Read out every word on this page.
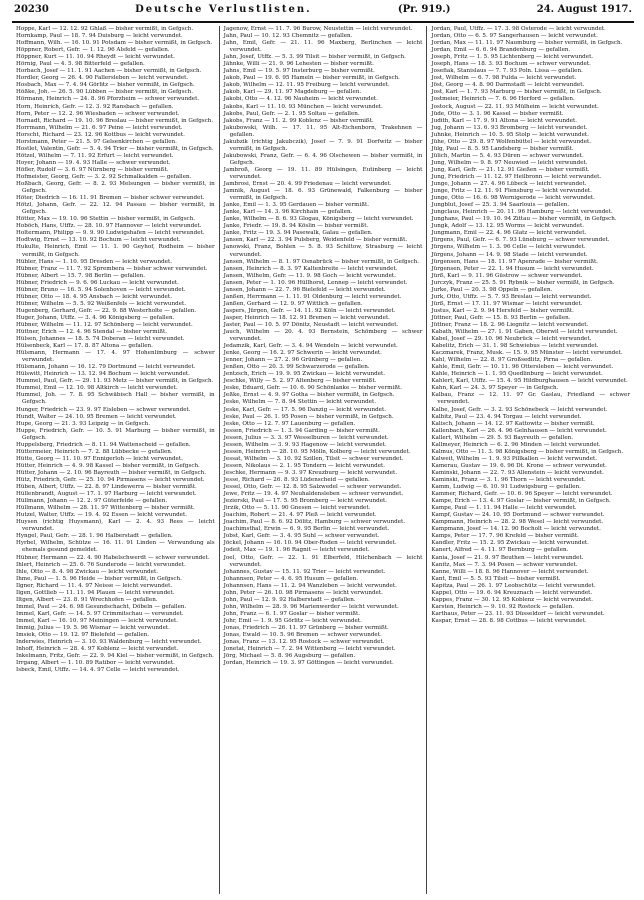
20230	Deutsche Verlustlisten.	(Pr. 919.)	24. August 1917.

Hoppe, Karl — 12. 12. 92 Ghlaß — bisher vermißt, in Gefgsch.

Hornkamp, Paul — 18. 7. 94 Duisburg — leicht verwundet.

Hoffmann, Wilh. — 16. 10. 91 Potsdam — bisher vermißt, in Gefgsch.

Höppner, Robert, Gefr. — 1. 12. 96 Alsfeld — gefallen.

Höppner, Kurt — 11. 10. 94 Rheydt — leicht verwundet.

Hörnig, Paul — 4. 5. 98 Bitterfeld — gefallen.

Horbach, Josef — 11. 1. 91 Aachen — bisher vermißt, in Gefgsch.

Hordler, Georg — 26. 4. 90 Fallersleben — leicht verwundet.

Hosbach, Max — 7. 4. 94 Görlitz — bisher vermißt, in Gefgsch.

Hößke, Joh. — 26. 5. 90 Lübben — bisher vermißt, in Gefgsch.

Hörmann, Heinrich — 24. 8. 96 Pforzheim — schwer verwundet.

Horn, Heinrich, Gefr. — 12. 3. 92 Ransbach — gefallen.

Horn, Peter — 12. 2. 96 Wiesbaden — schwer verwundet.

Hornadt, Richard — 19. 10. 96 Breslau — bisher vermißt, in Gefgsch.

Horrmann, Wilhelm — 21. 6. 97 Peine — leicht verwundet.

Horscht, Richard — 23. 12. 96 Kottbus — leicht verwundet.

Horstmann, Peter — 21. 5. 97 Gelsenkirchen — gefallen.

Hostlet, Valentin, Gefr. — 5. 4. 94 Trier — bisher vermißt, in Gefgsch.

Hötzel, Wilhelm — 7. 11. 92 Erfurt — leicht verwundet.

Hoyer, Johann — 19. 4. 93 Halle — schwer verwundet.

Höfler, Rudolf — 3. 6. 97 Nürnberg — bisher vermißt.

Hofmeister, Georg, Gefr. — 3. 2. 92 Schmalkalden — gefallen.

Hoßbach, Georg, Gefr. — 8. 2. 93 Melsungen — bisher vermißt, in Gefgsch.

Höter, Diedrich — 16. 11. 91 Bremen — bisher schwer verwundet.

Hötzl, Johann, Gefr. — 22. 12. 94 Passau — bisher vermißt, in Gefgsch.

Hötter, Max — 19. 10. 96 Stettin — bisher vermißt, in Gefgsch.

Hoböch, Hans, Utffz. — 28. 10. 97 Hannover — leicht verwundet.

Holtermann, Philipp — 9. 9. 90 Ludwigshafen — leicht verwundet.

Hodtwig, Ernst — 13. 10. 92 Bochum — leicht verwundet.

Hukulte, Heinrich, Emil — 11. 1. 90 Geyhof, Rodheim — bisher vermißt, in Gefgsch.

Hübler, Hans — 1. 10. 95 Dresden — leicht verwundet.

Hübner, Franz — 11. 7. 92 Sprembera — bisher schwer verwundet.

Hübner, Albert — 15. 7. 98 Berlin — gefallen.

Hübner, Friedrich — 9. 6. 96 Luckau — leicht verwundet.

Hübner, Bruno — 16. 5. 94 Solenhoven — leicht verwundet.

Hübner, Otto — 18. 4. 95 Ansbach — leicht verwundet.

Hübner, Wilhelm — 5. 5. 92 Weißenfels — leicht verwundet.

Hugenberg, Gerhard, Gefr. — 22. 9. 88 Westerholte — gefallen.

Huger, Johann, Utffz. — 3. 4. 96 Königsberg — gefallen.

Hübner, Wilhelm — 11. 12. 97 Schönberg — leicht verwundet.

Hüttner, Erich — 12. 4. 96 Stendal — bisher vermißt.

Hülsen, Johannes — 18. 5. 74 Doberan — leicht verwundet.

Hülsenbeck, Karl — 17. 8. 87 Altona — gefallen.

Hülsmann, Hermann — 17. 4. 97 Hohenlimburg — schwer verwundet.

Hülsmann, Johann — 16. 12. 79 Dortmund — leicht verwundet.

Hülswitt, Heinrich — 13. 12. 94 Bochum — leicht verwundet.

Hummel, Paul, Gefr. — 29. 11. 93 Metz — bisher vermißt, in Gefgsch.

Hummel, Emil — 12. 10. 98 Altkirch — leicht verwundet.

Hummel, Joh. — 7. 8. 95 Schwäbisch Hall — bisher vermißt, in Gefgsch.

Hunger, Friedrich — 23. 9. 97 Eisleben — schwer verwundet.

Hundt, Walter — 24. 10. 95 Bremen — leicht verwundet.

Hupe, Georg — 21. 3. 93 Leipzig — in Gefgsch.

Huppe, Friedrich, Gefr. — 10. 5. 91 Marburg — bisher vermißt, in Gefgsch.

Huppelsberg, Friedrich — 8. 11. 94 Wattenscheid — gefallen.

Hüttermeier, Heinrich — 7. 2. 88 Lübbecke — gefallen.

Hütte, Georg — 11. 10. 97 Ennigerloh — leicht verwundet.

Hütter, Heinrich — 4. 9. 98 Kassel — bisher vermißt, in Gefgsch.

Hütter, Johann — 2. 10. 96 Bayreuth — bisher vermißt, in Gefgsch.

Hütz, Friedrich, Gefr. — 25. 10. 94 Pirmasens — leicht verwundet.

Hüben, Albert, Utffz. — 22. 8. 97 Lindewerra — bisher vermißt.

Hüllenbrandt, August — 17. 1. 97 Harburg — leicht verwundet.

Hüllmann, Johann — 12. 2. 97 Güterfelde — gefallen.

Hüllmann, Wilhelm — 28. 11. 97 Wittenberg — bisher vermißt.

Hutzel, Walter, Utffz. — 19. 4. 92 Essen — leicht verwundet.

Huysen (richtig Huysmann), Karl — 2. 4. 93 Rees — leicht verwundet.

Hyngel, Paul, Gefr. — 28. 1. 96 Halberstadt — gefallen.

Hyrbel, Wilhelm, Schütze — 16. 11. 91 Linden — Verwundung als ehemals gesund gemeldet.

Hübner, Hermann — 22. 4. 90 Habelschwerdt — schwer verwundet.

Ihlert, Heinrich — 25. 6. 76 Sunderode — leicht verwundet.

Ihle, Otto — 8. 4. 98 Zwickau — leicht verwundet.

Ihme, Paul — 1. 5. 96 Heide — bisher vermißt, in Gefgsch.

Ilgner, Richard — 11. 4. 97 Neisse — leicht verwundet.

Ilgen, Gottlieb — 11. 11. 94 Plauen — leicht verwundet.

Iltgen, Albert — 23. 8. 91 Wrechhofen — gefallen.

Immel, Paul — 24. 6. 98 Gesundschacht, Döbeln — gefallen.

Immel, Karl, Gefr. — 14. 5. 97 Crimmitschau — verwundet.

Immel, Karl — 16. 10. 97 Meiningen — leicht verwundet.

Immig, Julius — 19. 5. 96 Wismar — leicht verwundet.

Imsiek, Otto — 19. 12. 97 Bielefeld — gefallen.

Inderwies, Heinrich — 3. 10. 93 Waldenburg — leicht verwundet.

Inhoff, Heinrich — 28. 4. 97 Koblenz — leicht verwundet.

Inkelmann, Fritz, Gefr. — 22. 9. 94 Kiel — bisher vermißt, in Gefgsch.

Irrgang, Albert — 1. 10. 89 Ratibor — leicht verwundet.

Isbeck, Emil, Utffz. — 14. 4. 97 Celle — leicht verwundet.

Jagenow, Ernst — 11. 7. 96 Burow, Neustettin — leicht verwundet.

Jahn, Paul — 10. 12. 93 Chemnitz — gefallen.

Jahn, Emil, Gefr. — 21. 11. 96 Maxberg, Berlinchen — leicht verwundet.

Jahn, Josef, Utffz. — 5. 3. 99 Tilsit — bisher vermißt, in Gefgsch.

Jähnke, Willi — 21. 9. 96 Lehesten — bisher vermißt.

Jahns, Emil — 19. 5. 97 Insterburg — bisher vermißt.

Jakob, Paul — 19. 6. 95 Hameln — bisher vermißt, in Gefgsch.

Jakob, Wilhelm — 12. 11. 95 Freiburg — leicht verwundet.

Jakob, Karl — 29. 11. 97 Magdeburg — gefallen.

Jakobi, Otto — 4. 12. 96 Nauheim — leicht verwundet.

Jakobs, Karl — 11. 10. 93 München — leicht verwundet.

Jakobs, Paul, Gefr. — 2. 1. 95 Soltau — gefallen.

Jakobs, Franz — 11. 2. 99 Koblenz — bisher vermißt.

Jakubowski, Wilh. — 17. 11. 95 Alt-Eichenborn, Trakehnen — gefallen.

Jakubzik (richtig Jakubczik), Josef — 7. 9. 91 Dorfwitz — bisher vermißt, in Gefgsch.

Jakubowski, Franz, Gefr. — 6. 4. 96 Olschewen — bisher vermißt, in Gefgsch.

Jambroß, Georg — 19. 11. 89 Hülsingen, Eutinberg — leicht verwundet.

Jambrosi, Ernst — 20. 4. 99 Friedenau — leicht verwundet.

Jamnik, August — 18. 6. 93 Grünewald, Falkenburg — bisher vermißt, in Gefgsch.

Janke, Emil — 1. 3. 95 Gerdauen — bisher vermißt.

Janke, Karl — 14. 3. 96 Kirchhain — gefallen.

Janke, Wilhelm — 8. 6. 93 Glogau, Königsberg — leicht verwundet.

Janke, Friedr. — 19. 8. 94 Köslin — bisher vermißt.

Janke, Fritz — 19. 3. 94 Pasewalk, Galau — gefallen.

Jansen, Karl — 22. 3. 94 Pulsberg, Weidenfeld — bisher vermißt.

Janowski, Franz, Bohlen — 5. 8. 93 Schiltow, Strasburg — leicht verwundet.

Jansen, Wilhelm — 8. 1. 97 Osnabrück — bisher vermißt, in Gefgsch.

Jansen, Heinrich — 8. 3. 97 Kaltenbreite — leicht verwundet.

Jansen, Wilhelm, Gefr. — 11. 9. 98 Goch — leicht verwundet.

Jansen, Peter — 1. 10. 96 Hüllhorst, Lennep — leicht verwundet.

Jansen, Johann — 22. 7. 96 Bielefeld — leicht verwundet.

Janßen, Herrmann — 1. 11. 91 Oldenburg — leicht verwundet.

Janßen, Gerhard — 12. 9. 97 Wittlich — gefallen.

Jaspers, Jürgen, Gefr. — 14. 11. 92 Köln — leicht verwundet.

Jasper, Heinrich — 18. 12. 91 Bremen — leicht verwundet.

Jaster, Paul — 10. 5. 97 Dönitz, Neustadt — leicht verwundet.

Jauch, Wilhelm — 20. 4. 93 Bernstein, Schömberg — schwer verwundet.

Jedamzik, Karl, Gefr. — 3. 4. 94 Wendeln — leicht verwundet.

Jenke, Georg — 16. 2. 97 Schwerin — leicht verwundet.

Jenner, Johann — 27. 2. 96 Grünberg — gefallen.

Jenßen, Otto — 20. 3. 99 Schwarzerode — gefallen.

Jentzsch, Erich — 19. 9. 95 Zwickau — leicht verwundet.

Jeschke, Willy — 5. 2. 97 Altenberg — bisher vermißt.

Jeske, Eduard, Gefr. — 10. 6. 90 Schönlanke — bisher vermißt.

Jeßke, Ernst — 4. 9. 97 Gotha — bisher vermißt, in Gefgsch.

Jeske, Wilhelm — 7. 8. 94 Stettin — leicht verwundet.

Jeske, Karl, Gefr. — 17. 5. 96 Danzig — leicht verwundet.

Jeske, Paul — 26. 1. 95 Posen — bisher vermißt, in Gefgsch.

Jeske, Otto — 12. 7. 97 Lauenburg — gefallen.

Jessen, Friedrich — 1. 3. 94 Garding — bisher vermißt.

Jessen, Julius — 3. 3. 97 Wesselburen — leicht verwundet.

Jessen, Wilhelm — 3. 9. 93 Hagenow — leicht verwundet.

Jessen, Heinrich — 28. 10. 95 Mölln, Kolberg — leicht verwundet.

Jessat, Wilhelm — 3. 10. 92 Szillen, Tilsit — schwer verwundet.

Jessen, Nikolaus — 2. 1. 95 Tondern — leicht verwundet.

Jeschke, Hermann — 9. 3. 97 Kreuzburg — leicht verwundet.

Jesse, Richard — 26. 8. 93 Lüdenscheid — gefallen.

Jessel, Otto, Gefr. — 12. 8. 95 Salzwedel — schwer verwundet.

Jewe, Fritz — 19. 4. 97 Neuhaldensleben — schwer verwundet.

Jezierski, Paul — 17. 5. 95 Bromberg — leicht verwundet.

Jirzik, Otto — 5. 11. 90 Gnesen — leicht verwundet.

Joachim, Robert — 21. 4. 97 Pleß — leicht verwundet.

Joachim, Paul — 8. 6. 92 Dölitz, Hamburg — schwer verwundet.

Joachimsthal, Erwin — 6. 9. 95 Berlin — leicht verwundet.

Jobst, Karl, Gefr. — 3. 4. 95 Suhl — schwer verwundet.

Jöckel, Johann — 16. 10. 94 Ober-Roden — leicht verwundet.

Jodeit, Max — 19. 1. 96 Ragnit — leicht verwundet.

Joel, Otto, Gefr. — 22. 1. 91 Elberfeld, Hilchenbach — leicht verwundet.

Johannes, Gustav — 15. 11. 92 Trier — leicht verwundet.

Johannsen, Peter — 4. 6. 95 Husum — gefallen.

Johannsen, Hans — 11. 2. 94 Wanzleben — leicht verwundet.

John, Peter — 26. 10. 98 Pirmasens — leicht verwundet.

John, Paul — 12. 9. 92 Halberstadt — gefallen.

John, Wilhelm — 28. 9. 96 Marienwerder — leicht verwundet.

John, Franz — 6. 1. 97 Goslar — bisher vermißt.

Johr, Emil — 1. 9. 95 Görlitz — leicht verwundet.

Jonas, Friedrich — 26. 11. 97 Grünberg — bisher vermißt.

Jonas, Ewald — 10. 5. 96 Bremen — schwer verwundet.

Jonas, Franz — 13. 12. 95 Rostock — schwer verwundet.

Jonetat, Heinrich — 7. 2. 94 Wittenberg — leicht verwundet.

Jörg, Michael — 5. 8. 96 Augsburg — gefallen.

Jordan, Heinrich — 19. 3. 97 Göttingen — leicht verwundet.

Jordan, Paul, Utffz. — 17. 3. 98 Osterode — leicht verwundet.

Jordan, Otto — 6. 5. 97 Sangerhausen — leicht verwundet.

Jordan, Max — 11. 11. 97 Naumburg — bisher vermißt, in Gefgsch.

Jordan, Emil — 6. 6. 94 Brandenburg — gefallen.

Joseph, Fritz — 1. 5. 95 Lichtenberg — leicht verwundet.

Joseph, Hans — 18. 3. 93 Bochum — schwer verwundet.

Josefiak, Stanislaus — 7. 7. 93 Poln. Lissa — gefallen.

Jost, Wilhelm — 6. 7. 98 Fulda — leicht verwundet.

Jöst, Georg — 4. 8. 90 Darmstadt — leicht verwundet.

Jost, Karl — 1. 7. 93 Marburg — bisher vermißt, in Gefgsch.

Jostmeier, Heinrich — 7. 6. 96 Herford — gefallen.

Jostock, August — 22. 11. 93 Mülheim — leicht verwundet.

Jüde, Otto — 3. 1. 96 Kassel — bisher vermißt.

Judith, Karl — 17. 9. 91 Altona — leicht verwundet.

Jug, Johann — 13. 6. 93 Bromberg — leicht verwundet.

Juhnke, Heinrich — 10. 5. 95 Stolp — leicht verwundet.

Jühe, Otto — 29. 8. 97 Wolfenbüttel — leicht verwundet.

Jülg, Paul — 8. 5. 95 Landsberg — bisher vermißt.

Jülich, Martin — 5. 4. 93 Düren — schwer verwundet.

Jung, Wilhelm — 9. 8. 97 Neuwied — leicht verwundet.

Jung, Karl, Gefr. — 21. 12. 91 Gießen — bisher vermißt.

Jung, Friedrich — 11. 12. 97 Heilbronn — leicht verwundet.

Junge, Johann — 27. 4. 96 Lübeck — leicht verwundet.

Junge, Fritz — 12. 11. 91 Flensburg — leicht verwundet.

Junge, Otto — 16. 6. 98 Wernigerode — leicht verwundet.

Jungblut, Josef — 25. 3. 94 Saarlouis — gefallen.

Jungclaus, Heinrich — 20. 11. 96 Hamburg — leicht verwundet.

Junghans, Paul — 19. 10. 94 Zittau — bisher vermißt, in Gefgsch.

Jungk, Adolf — 13. 12. 95 Worms — leicht verwundet.

Jungmann, Emil — 22. 4. 96 Glatz — leicht verwundet.

Jürgens, Paul, Gefr. — 6. 7. 93 Lüneburg — schwer verwundet.

Jürgens, Wilhelm — 1. 3. 96 Celle — leicht verwundet.

Jürgens, Johann — 14. 9. 98 Stade — leicht verwundet.

Jürgensen, Hans — 18. 11. 97 Apenrade — bisher vermißt.

Jürgensen, Peter — 22. 1. 94 Husum — leicht verwundet.

Jürß, Karl — 9. 11. 96 Güstrow — schwer verwundet.

Jurczyk, Franz — 25. 5. 91 Rybnik — bisher vermißt, in Gefgsch.

Jurke, Paul — 20. 3. 98 Oppeln — gefallen.

Jurk, Otto, Utffz. — 5. 7. 93 Breslau — leicht verwundet.

Jürß, Ernst — 17. 11. 97 Wismar — leicht verwundet.

Justus, Karl — 2. 9. 94 Hersfeld — bisher vermißt.

Jüttner, Paul, Gefr. — 15. 8. 93 Berlin — gefallen.

Jüttner, Franz — 18. 2. 96 Liegnitz — leicht verwundet.

Kabath, Wilhelm — 27. 1. 91 Gaben, Oberwil — leicht verwundet.

Kabel, Josef — 29. 10. 96 Neubrück — leicht verwundet.

Kabelitz, Erich — 31. 1. 98 Schwiebus — leicht verwundet.

Kaczmarek, Franz, Musk. — 15. 9. 95 Münster — leicht verwundet.

Kahl, Wilhelm — 22. 8. 97 Großsedlitz, Pirna — gefallen.

Kahle, Emil, Gefr. — 10. 11. 96 Ottersleben — leicht verwundet.

Kahle, Heinrich — 1. 1. 95 Quedlinburg — leicht verwundet.

Kahlert, Karl, Utffz. — 15. 4. 95 Hildburghausen — leicht verwundet.

Kahn, Karl — 24. 3. 97 Speyer — in Gefgsch.

Kalbau, Franz — 12. 11. 97 Gr. Gaslau, Friedland — schwer verwundet.

Kalbe, Josef, Gefr. — 3. 2. 93 Schönebeck — leicht verwundet.

Kalbitz, Paul — 23. 4. 94 Torgau — leicht verwundet.

Kalisch, Johann — 14. 12. 97 Kattowitz — bisher vermißt.

Kallenbach, Karl — 26. 4. 96 Gelnhausen — leicht verwundet.

Kallert, Wilhelm — 29. 5. 93 Bayreuth — gefallen.

Kallmeyer, Heinrich — 6. 2. 96 Minden — leicht verwundet.

Kalmus, Otto — 11. 3. 98 Königsberg — bisher vermißt, in Gefgsch.

Kalweit, Wilhelm — 1. 9. 93 Pillkallen — leicht verwundet.

Kamerau, Gustav — 19. 6. 96 Dt. Krone — schwer verwundet.

Kaminski, Johann — 22. 7. 93 Allenstein — leicht verwundet.

Kaminski, Franz — 3. 1. 96 Thorn — leicht verwundet.

Kamm, Ludwig — 6. 10. 91 Ludwigsburg — gefallen.

Kammer, Richard, Gefr. — 10. 6. 96 Speyer — leicht verwundet.

Kampe, Erich — 13. 4. 97 Goslar — bisher vermißt, in Gefgsch.

Kampe, Paul — 1. 11. 94 Halle — leicht verwundet.

Kampf, Gustav — 24. 10. 95 Dortmund — schwer verwundet.

Kampmann, Heinrich — 28. 2. 98 Wesel — leicht verwundet.

Kampmann, Josef — 14. 12. 90 Bocholt — leicht verwundet.

Kamps, Peter — 17. 7. 96 Krefeld — bisher vermißt.

Kandler, Fritz — 15. 2. 95 Zwickau — leicht verwundet.

Kanert, Alfred — 4. 11. 97 Bernburg — gefallen.

Kania, Josef — 21. 9. 97 Beuthen — leicht verwundet.

Kanitz, Max — 7. 3. 94 Posen — schwer verwundet.

Kanne, Willi — 18. 8. 96 Hannover — leicht verwundet.

Kant, Emil — 5. 5. 93 Tilsit — bisher vermißt.

Kapitza, Paul — 26. 1. 97 Leobschütz — leicht verwundet.

Kappel, Otto — 19. 6. 94 Kreuznach — leicht verwundet.

Kappes, Franz — 30. 12. 95 Koblenz — leicht verwundet.

Karsten, Heinrich — 9. 10. 92 Rostock — gefallen.

Karthaus, Peter — 23. 11. 93 Düsseldorf — leicht verwundet.

Kaspar, Ernst — 28. 8. 98 Cottbus — leicht verwundet.
